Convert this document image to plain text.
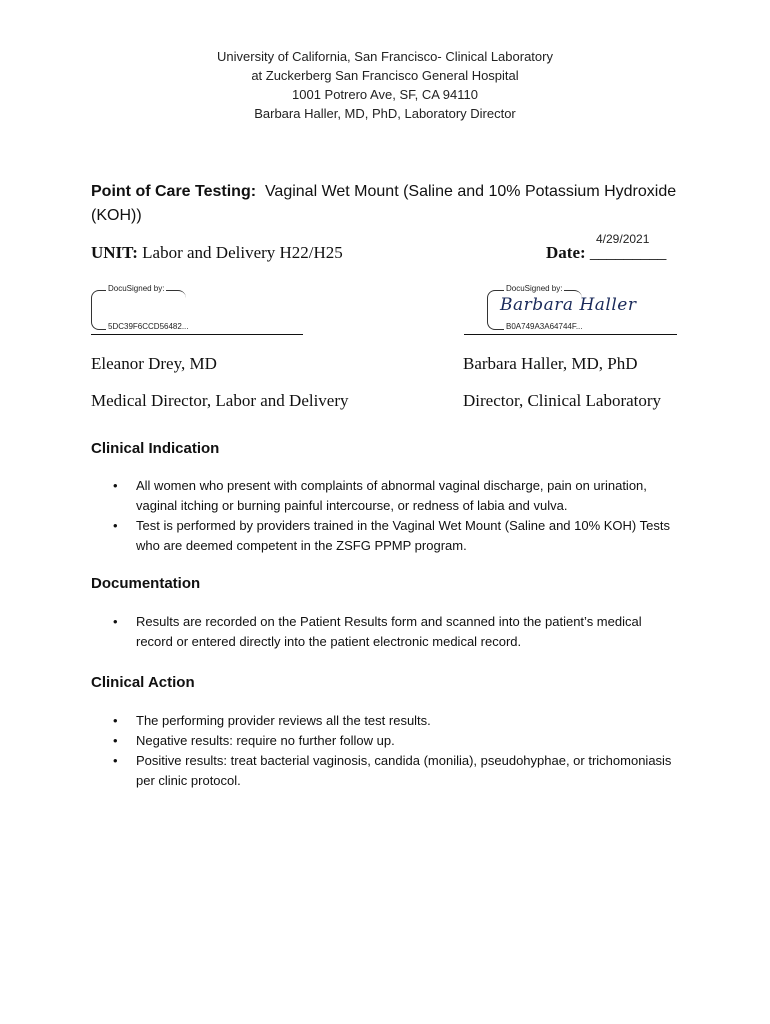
University of California, San Francisco- Clinical Laboratory
at Zuckerberg San Francisco General Hospital
1001 Potrero Ave, SF, CA 94110
Barbara Haller, MD, PhD, Laboratory Director
Point of Care Testing: Vaginal Wet Mount (Saline and 10% Potassium Hydroxide (KOH))
UNIT: Labor and Delivery H22/H25
4/29/2021
Date: _________
DocuSigned by:
5DC39F6CCD56482...
DocuSigned by:
Barbara Haller
B0A749A3A64744F...
Eleanor Drey, MD
Medical Director, Labor and Delivery
Barbara Haller, MD, PhD
Director, Clinical Laboratory
Clinical Indication
• All women who present with complaints of abnormal vaginal discharge, pain on urination, vaginal itching or burning painful intercourse, or redness of labia and vulva.
• Test is performed by providers trained in the Vaginal Wet Mount (Saline and 10% KOH) Tests who are deemed competent in the ZSFG PPMP program.
Documentation
• Results are recorded on the Patient Results form and scanned into the patient’s medical record or entered directly into the patient electronic medical record.
Clinical Action
• The performing provider reviews all the test results.
• Negative results: require no further follow up.
• Positive results: treat bacterial vaginosis, candida (monilia), pseudohyphae, or trichomoniasis per clinic protocol.
